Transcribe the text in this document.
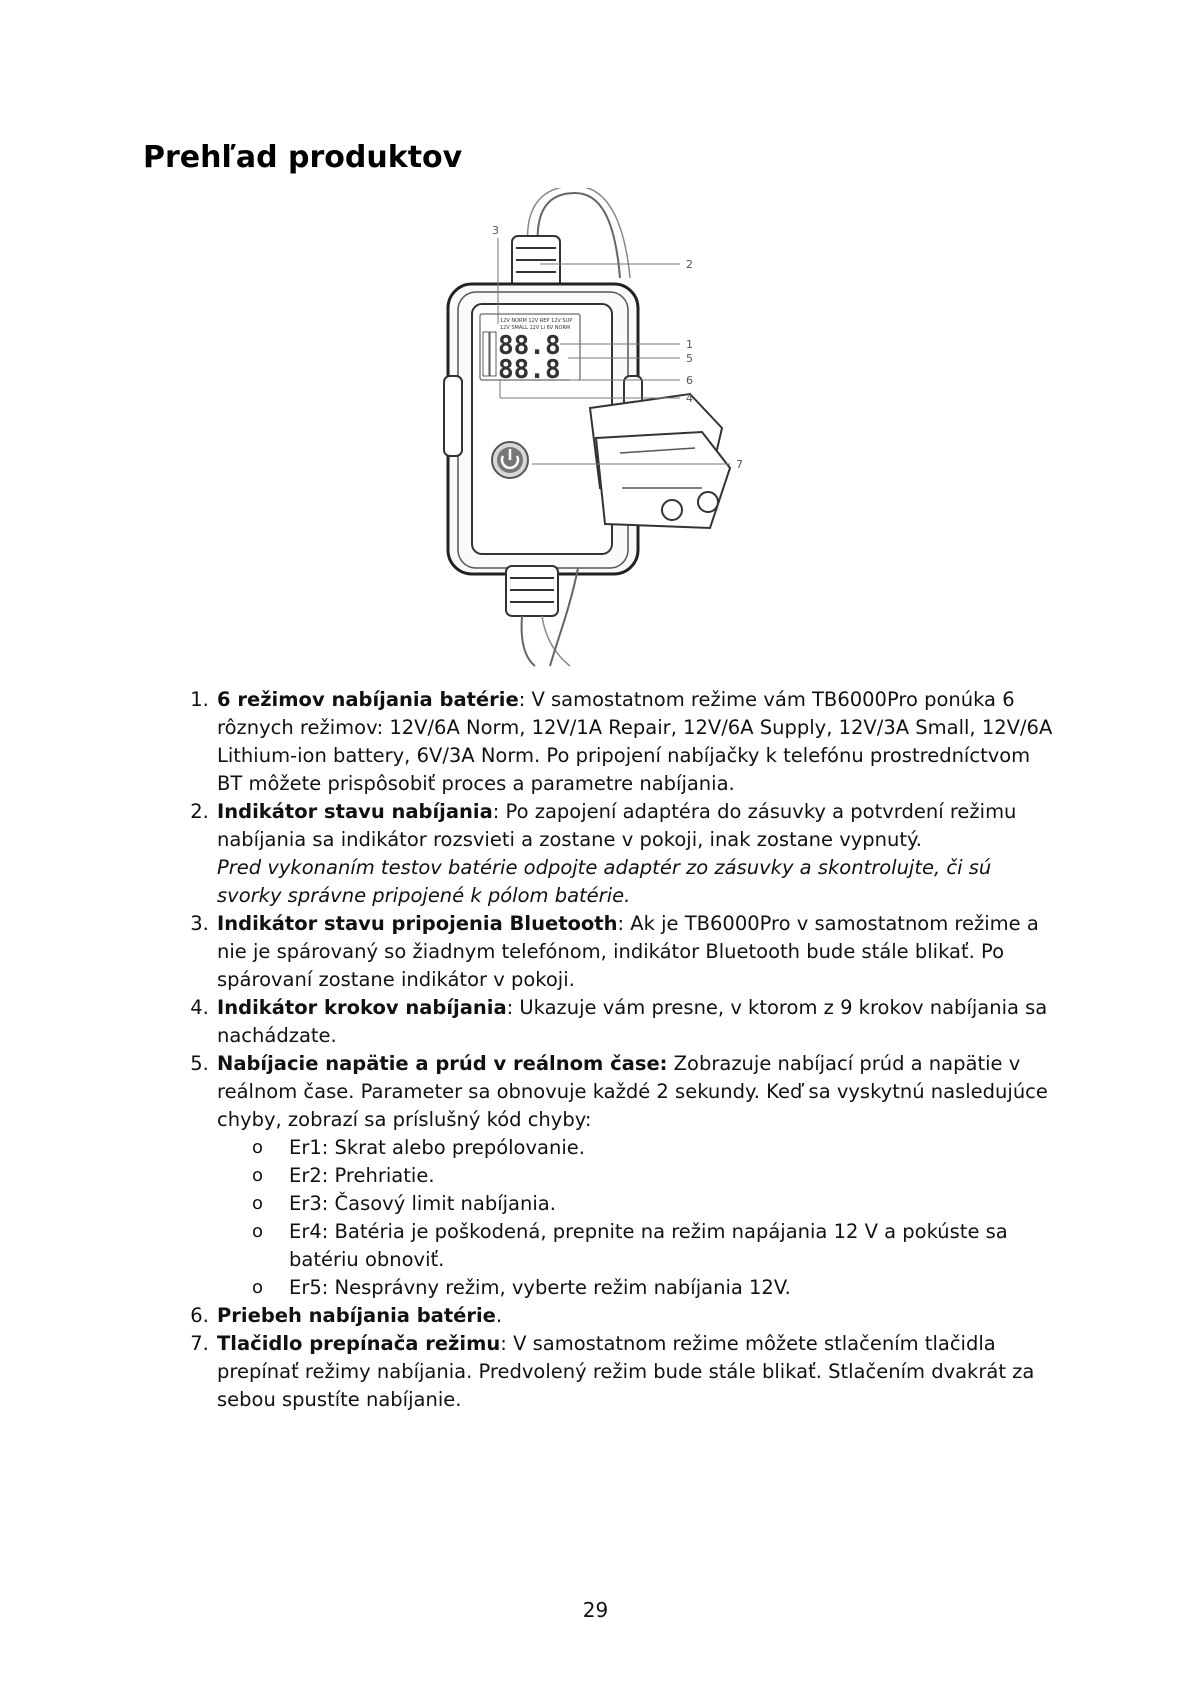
Prehľad produktov
12V NORM 12V REP 12V SUP
12V SMALL 12V Li 6V NORM
88.8
88.8
3
2
1
5
6
4
7
1. 6 režimov nabíjania batérie: V samostatnom režime vám TB6000Pro ponúka 6 rôznych režimov: 12V/6A Norm, 12V/1A Repair, 12V/6A Supply, 12V/3A Small, 12V/6A Lithium-ion battery, 6V/3A Norm. Po pripojení nabíjačky k telefónu prostredníctvom BT môžete prispôsobiť proces a parametre nabíjania.
2. Indikátor stavu nabíjania: Po zapojení adaptéra do zásuvky a potvrdení režimu nabíjania sa indikátor rozsvieti a zostane v pokoji, inak zostane vypnutý.
Pred vykonaním testov batérie odpojte adaptér zo zásuvky a skontrolujte, či sú svorky správne pripojené k pólom batérie.
3. Indikátor stavu pripojenia Bluetooth: Ak je TB6000Pro v samostatnom režime a nie je spárovaný so žiadnym telefónom, indikátor Bluetooth bude stále blikať. Po spárovaní zostane indikátor v pokoji.
4. Indikátor krokov nabíjania: Ukazuje vám presne, v ktorom z 9 krokov nabíjania sa nachádzate.
5. Nabíjacie napätie a prúd v reálnom čase: Zobrazuje nabíjací prúd a napätie v reálnom čase. Parameter sa obnovuje každé 2 sekundy. Keď sa vyskytnú nasledujúce chyby, zobrazí sa príslušný kód chyby:
o Er1: Skrat alebo prepólovanie.
o Er2: Prehriatie.
o Er3: Časový limit nabíjania.
o Er4: Batéria je poškodená, prepnite na režim napájania 12 V a pokúste sa batériu obnoviť.
o Er5: Nesprávny režim, vyberte režim nabíjania 12V.
6. Priebeh nabíjania batérie.
7. Tlačidlo prepínača režimu: V samostatnom režime môžete stlačením tlačidla prepínať režimy nabíjania. Predvolený režim bude stále blikať. Stlačením dvakrát za sebou spustíte nabíjanie.
29
